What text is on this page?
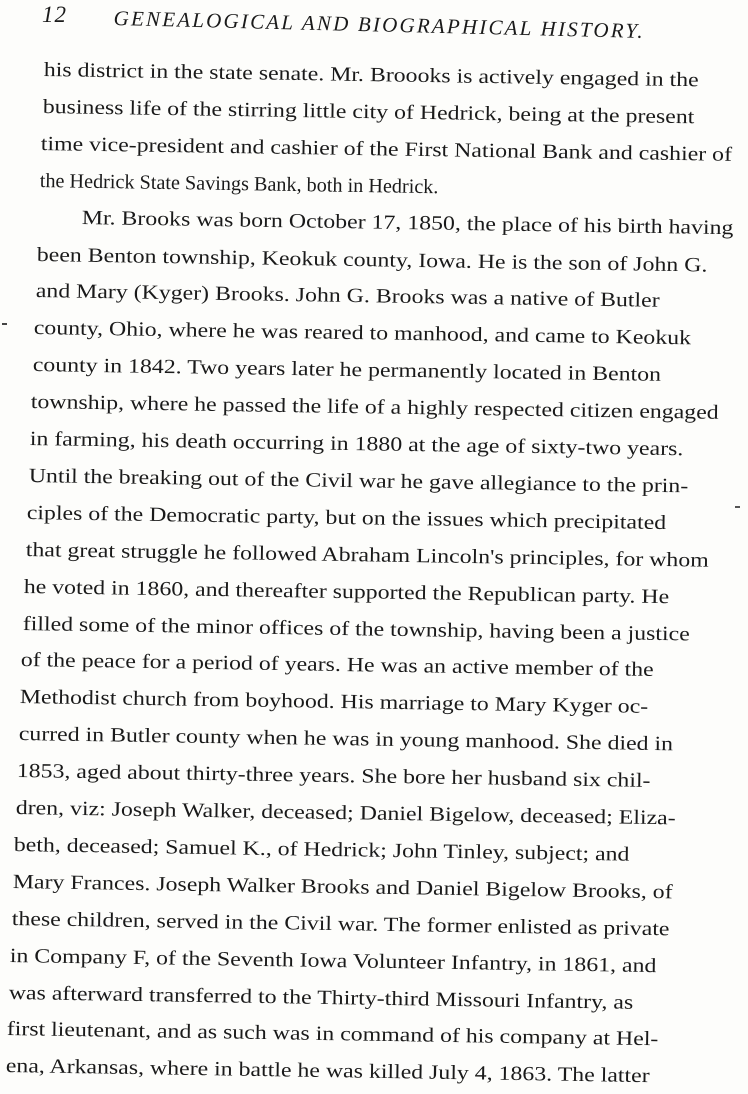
12 GENEALOGICAL AND BIOGRAPHICAL HISTORY.
his district in the state senate. Mr. Broooks is actively engaged in the
business life of the stirring little city of Hedrick, being at the present
time vice-president and cashier of the First National Bank and cashier of
the Hedrick State Savings Bank, both in Hedrick.
Mr. Brooks was born October 17, 1850, the place of his birth having
been Benton township, Keokuk county, Iowa. He is the son of John G.
and Mary (Kyger) Brooks. John G. Brooks was a native of Butler
county, Ohio, where he was reared to manhood, and came to Keokuk
county in 1842. Two years later he permanently located in Benton
township, where he passed the life of a highly respected citizen engaged
in farming, his death occurring in 1880 at the age of sixty-two years.
Until the breaking out of the Civil war he gave allegiance to the prin-
ciples of the Democratic party, but on the issues which precipitated
that great struggle he followed Abraham Lincoln's principles, for whom
he voted in 1860, and thereafter supported the Republican party. He
filled some of the minor offices of the township, having been a justice
of the peace for a period of years. He was an active member of the
Methodist church from boyhood. His marriage to Mary Kyger oc-
curred in Butler county when he was in young manhood. She died in
1853, aged about thirty-three years. She bore her husband six chil-
dren, viz: Joseph Walker, deceased; Daniel Bigelow, deceased; Eliza-
beth, deceased; Samuel K., of Hedrick; John Tinley, subject; and
Mary Frances. Joseph Walker Brooks and Daniel Bigelow Brooks, of
these children, served in the Civil war. The former enlisted as private
in Company F, of the Seventh Iowa Volunteer Infantry, in 1861, and
was afterward transferred to the Thirty-third Missouri Infantry, as
first lieutenant, and as such was in command of his company at Hel-
ena, Arkansas, where in battle he was killed July 4, 1863. The latter
